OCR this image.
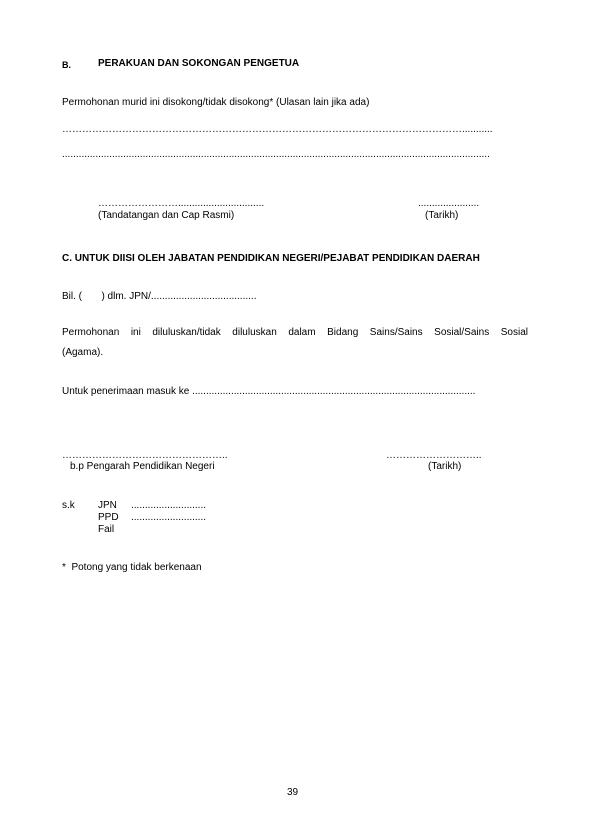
B.	PERAKUAN DAN SOKONGAN PENGETUA
Permohonan murid ini disokong/tidak disokong* (Ulasan lain jika ada)
…………………………………………………………………………………………………………...........
..........................................................................................................................................................
……………………...............................
(Tandatangan dan Cap Rasmi)
......................
(Tarikh)
C. UNTUK DIISI OLEH JABATAN PENDIDIKAN NEGERI/PEJABAT PENDIDIKAN DAERAH
Bil. (       ) dlm. JPN/......................................
Permohonan ini diluluskan/tidak diluluskan dalam Bidang Sains/Sains Sosial/Sains Sosial
(Agama).
Untuk penerimaan masuk ke ......................................................................................................
…………………………………………..
b.p Pengarah Pendidikan Negeri
………………………..
(Tarikh)
s.k JPN ...........................
PPD ...........................
Fail
*  Potong yang tidak berkenaan
39
